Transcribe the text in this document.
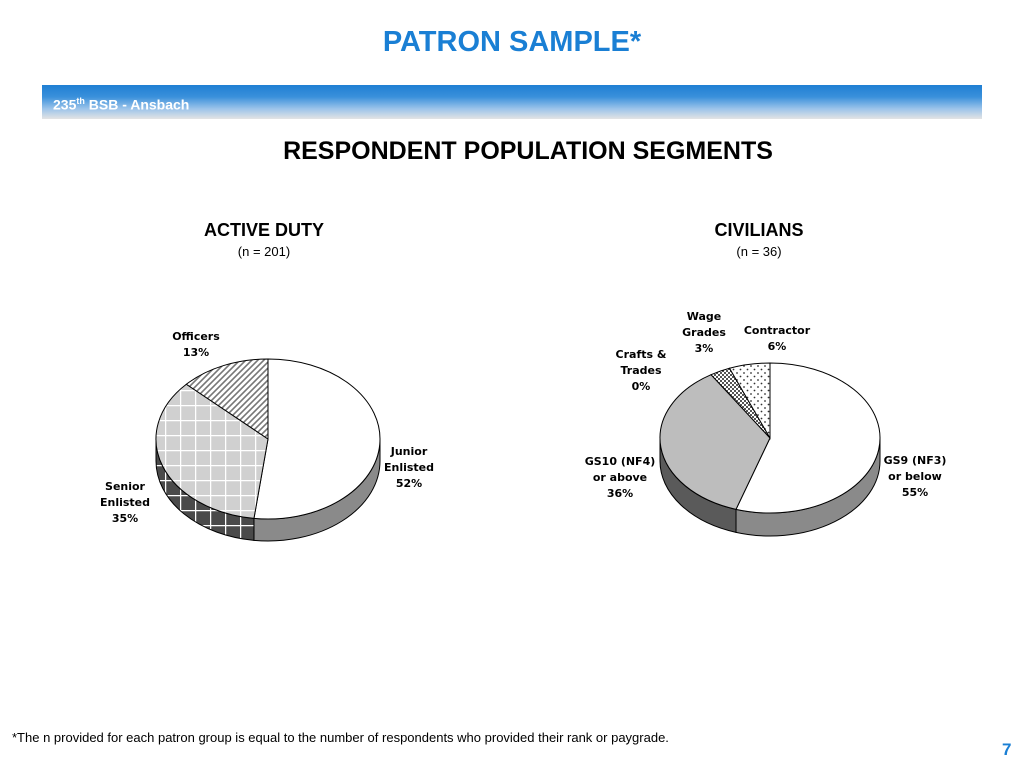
PATRON SAMPLE*
235th BSB - Ansbach
RESPONDENT POPULATION SEGMENTS
ACTIVE DUTY
(n = 201)
CIVILIANS
(n = 36)
Junior Enlisted 52%
Senior Enlisted 35%
Officers 13%
GS9 (NF3) or below 55%
GS10 (NF4) or above 36%
Crafts & Trades 0%
Wage Grades 3%
Contractor 6%
*The n provided for each patron group is equal to the number of respondents who provided their rank or paygrade.
7
